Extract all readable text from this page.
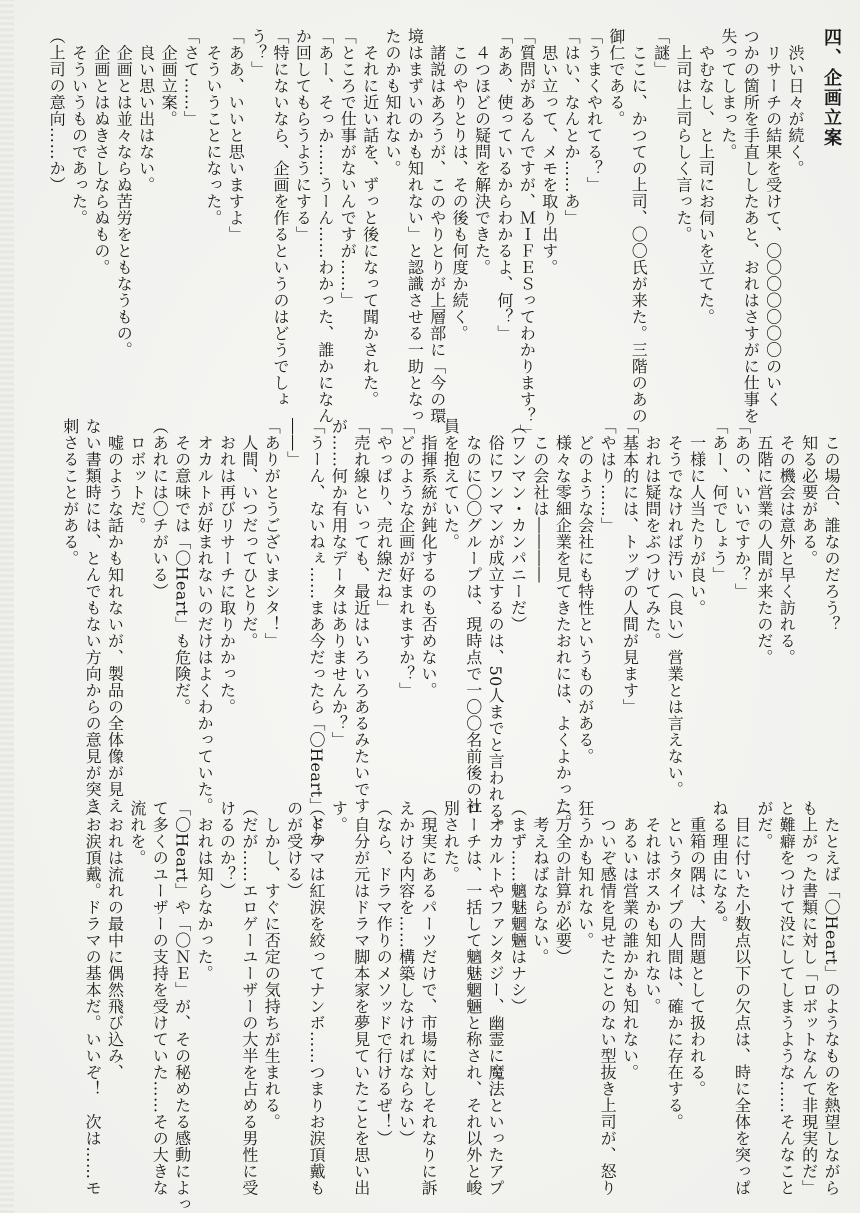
四、企画立案
　渋い日々が続く。
　リサーチの結果を受けて、〇〇〇〇〇〇〇のいく
つかの箇所を手直ししたあと、おれはさすがに仕事を
失ってしまった。
　やむなし、と上司にお伺いを立てた。
　上司は上司らしく言った。
「謎」
　ここに、かつての上司、〇〇氏が来た。三階のあの
御仁である。
「うまくやれてる？」
「はい、なんとか……あ」
　思い立って、メモを取り出す。
「質問があるんですが、ＭＩＦＥＳってわかります？」
「ああ、使っているからわかるよ、何？」
　４つほどの疑問を解決できた。
　このやりとりは、その後も何度か続く。
　諸説はあろうが、このやりとりが上層部に「今の環
境はまずいのかも知れない」と認識させる一助となっ
たのかも知れない。
　それに近い話を、ずっと後になって聞かされた。
「ところで仕事がないんですが……」
「あー、そっか……うーん……わかった、誰かになん
か回してもらうようにする」
「特にないなら、企画を作るというのはどうでしょ
う？」
「ああ、いいと思いますよ」
　そういうことになった。
「さて……」
　企画立案。
　良い思い出はない。
　企画とは並々ならぬ苦労をともなうもの。
　企画とはぬきさしならぬもの。
　そういうものであった。
（上司の意向……か）
　この場合、誰なのだろう？
　知る必要がある。
　その機会は意外と早く訪れる。
　五階に営業の人間が来たのだ。
「あの、いいですか？」
「あー、何でしょう」
　一様に人当たりが良い。
　そうでなければ汚い（良い）営業とは言えない。
　おれは疑問をぶつけてみた。
「基本的には、トップの人間が見ます」
「やはり……」
　どのような会社にも特性というものがある。
　様々な零細企業を見てきたおれには、よくよかった。
　この会社は――――
（ワンマン・カンパニーだ）
　俗にワンマンが成立するのは、50人までと言われる。
　なのに〇〇グループは、現時点で一〇〇名前後の社
員を抱えていた。
　指揮系統が鈍化するのも否めない。
「どのような企画が好まれますか？」
「やっぱり、売れ線だね」
「売れ線といっても、最近はいろいろあるみたいです
が……何か有用なデータはありませんか？」
「うーん、ないねぇ……まあ今だったら「〇Heart」とか
――」
「ありがとうございまシタ！」
　人間、いつだってひとりだ。
　おれは再びリサーチに取りかかった。
　オカルトが好まれないのだけはよくわかっていた。
　その意味では「〇Heart」も危険だ。
（あれには〇チがいる）
　ロボットだ。
　嘘のような話かも知れないが、製品の全体像が見え
ない書類時には、とんでもない方向からの意見が突き
刺さることがある。
　たとえば「〇Heart」のようなものを熱望しながら
も上がった書類に対し「ロボットなんて非現実的だ」
と難癖をつけて没にしてしまうような……そんなこと
がだ。
　目に付いた小数点以下の欠点は、時に全体を突っぱ
ねる理由になる。
　重箱の隅は、大問題として扱われる。
　というタイプの人間は、確かに存在する。
　それはボスかも知れない。
　あるいは営業の誰かかも知れない。
　ついぞ感情を見せたことのない型抜き上司が、怒り
狂うかも知れない。
（万全の計算が必要）
　考えねばならない。
（まず……魑魅魍魎はナシ）
　オカルトやファンタジー、幽霊に魔法といったアプ
ローチは、一括して魑魅魍魎と称され、それ以外と峻
別された。
（現実にあるパーツだけで、市場に対しそれなりに訴
えかける内容を……構築しなければならない）
（なら、ドラマ作りのメソッドで行けるぜ！）
　自分が元はドラマ脚本家を夢見ていたことを思い出
す。
（ドラマは紅涙を絞ってナンボ……つまりお涙頂戴も
のが受ける）
　しかし、すぐに否定の気持ちが生まれる。
（だが……エロゲーユーザーの大半を占める男性に受
けるのか？）
　おれは知らなかった。
「〇Heart」や「〇ＮＥ」が、その秘めたる感動によっ
て多くのユーザーの支持を受けていた……その大きな
流れを。
　おれは流れの最中に偶然飛び込み、
（お涙頂戴。ドラマの基本だ。いいぞ！　次は……モ
